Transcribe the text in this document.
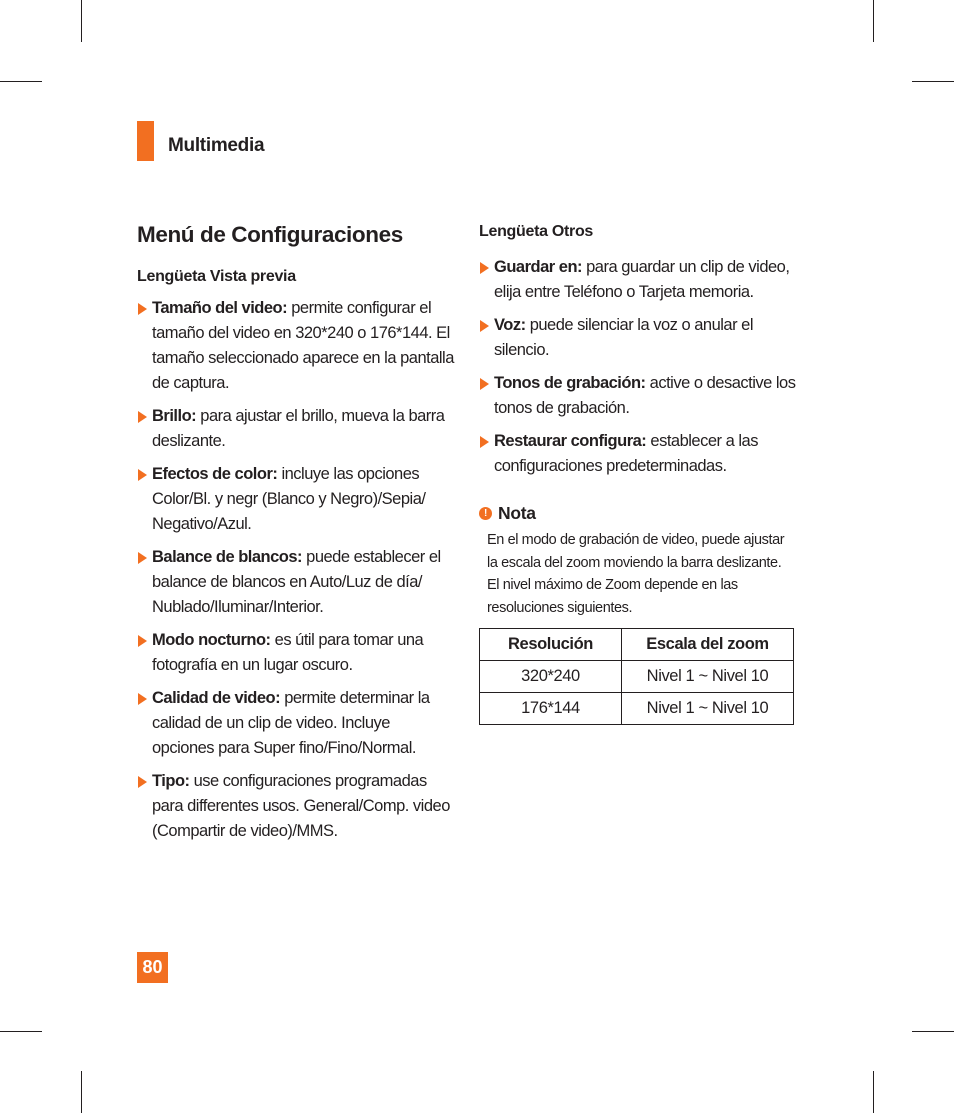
Multimedia
Menú de Configuraciones
Lengüeta Vista previa
Tamaño del video: permite configurar el tamaño del video en 320*240 o 176*144. El tamaño seleccionado aparece en la pantalla de captura.
Brillo: para ajustar el brillo, mueva la barra deslizante.
Efectos de color: incluye las opciones Color/Bl. y negr (Blanco y Negro)/Sepia/ Negativo/Azul.
Balance de blancos: puede establecer el balance de blancos en Auto/Luz de día/ Nublado/Iluminar/Interior.
Modo nocturno: es útil para tomar una fotografía en un lugar oscuro.
Calidad de video: permite determinar la calidad de un clip de video. Incluye opciones para Super fino/Fino/Normal.
Tipo: use configuraciones programadas para differentes usos. General/Comp. video (Compartir de video)/MMS.
Lengüeta Otros
Guardar en: para guardar un clip de video, elija entre Teléfono o Tarjeta memoria.
Voz: puede silenciar la voz o anular el silencio.
Tonos de grabación: active o desactive los tonos de grabación.
Restaurar configura: establecer a las configuraciones predeterminadas.
! Nota
En el modo de grabación de video, puede ajustar la escala del zoom moviendo la barra deslizante. El nivel máximo de Zoom depende en las resoluciones siguientes.
Resolución	Escala del zoom
320*240	Nivel 1 ~ Nivel 10
176*144	Nivel 1 ~ Nivel 10
80
